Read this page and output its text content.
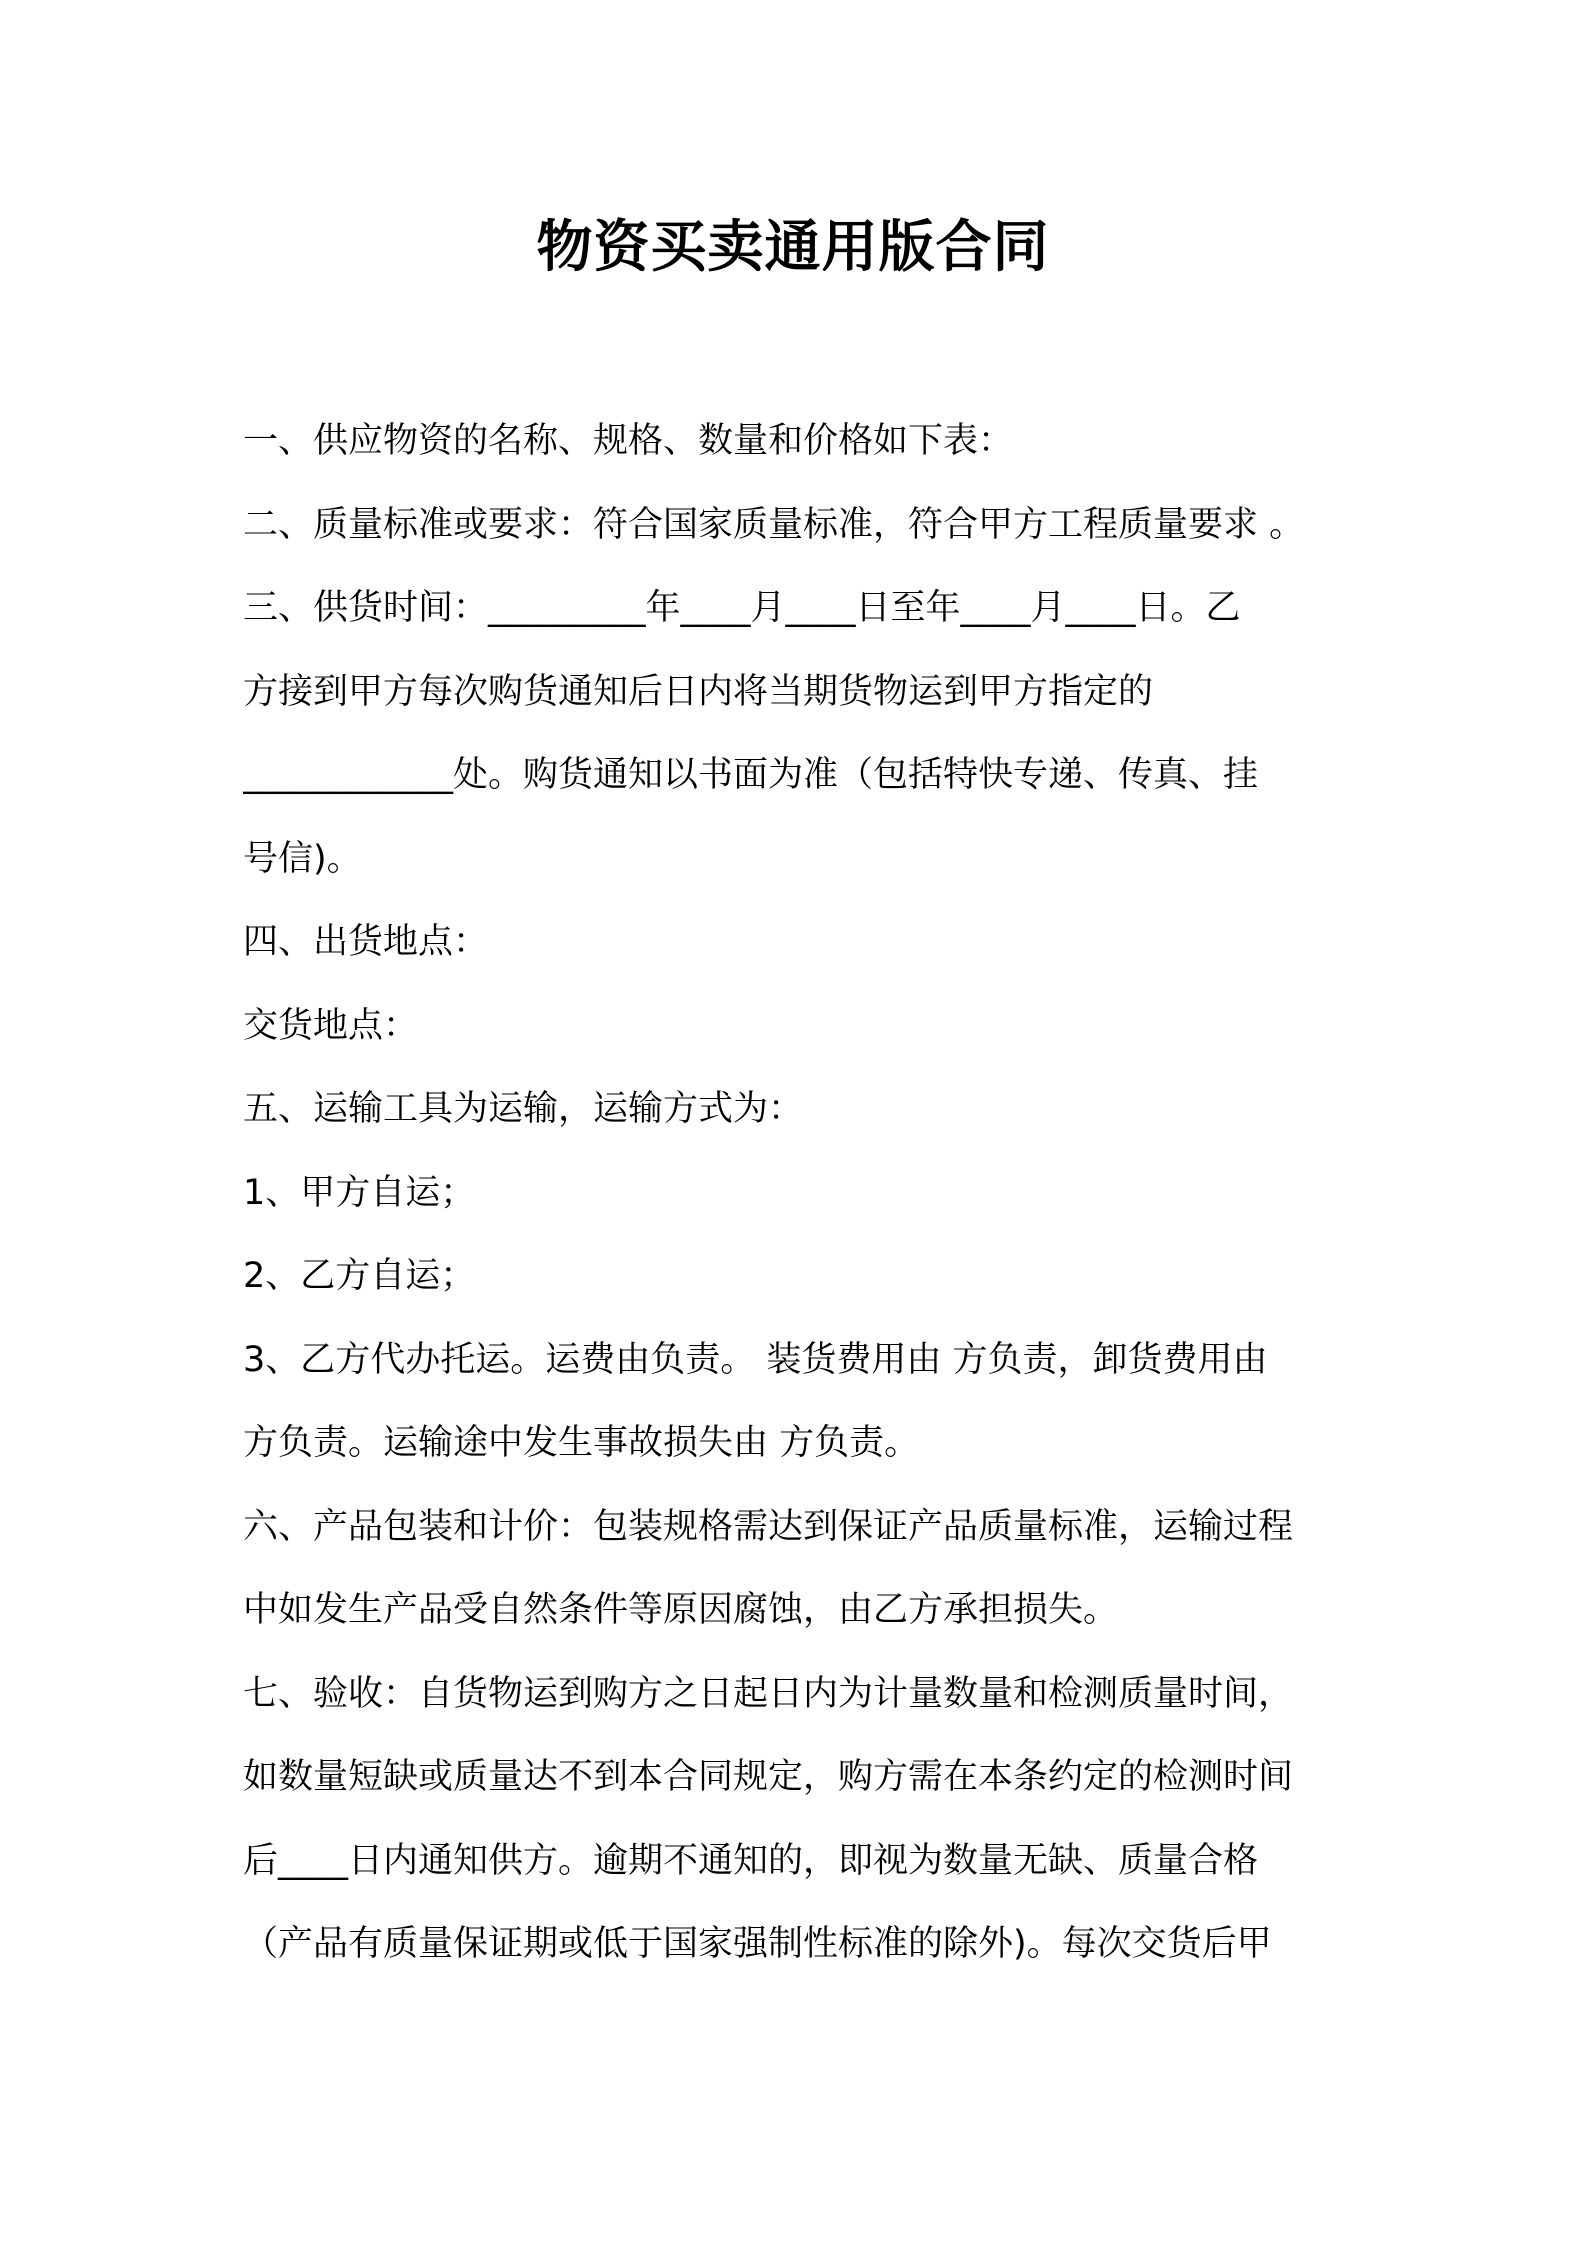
物资买卖通用版合同
一、供应物资的名称、规格、数量和价格如下表：
二、质量标准或要求：符合国家质量标准，符合甲方工程质量要求 。
三、供货时间：_________年____月____日至年____月____日。乙
方接到甲方每次购货通知后日内将当期货物运到甲方指定的
____________处。购货通知以书面为准（包括特快专递、传真、挂
号信)。
四、出货地点：
交货地点：
五、运输工具为运输，运输方式为：
1、甲方自运；
2、乙方自运；
3、乙方代办托运。运费由负责。 装货费用由 方负责，卸货费用由
方负责。运输途中发生事故损失由 方负责。
六、产品包装和计价：包装规格需达到保证产品质量标准，运输过程
中如发生产品受自然条件等原因腐蚀，由乙方承担损失。
七、验收：自货物运到购方之日起日内为计量数量和检测质量时间，
如数量短缺或质量达不到本合同规定，购方需在本条约定的检测时间
后____日内通知供方。逾期不通知的，即视为数量无缺、质量合格
（产品有质量保证期或低于国家强制性标准的除外)。每次交货后甲
